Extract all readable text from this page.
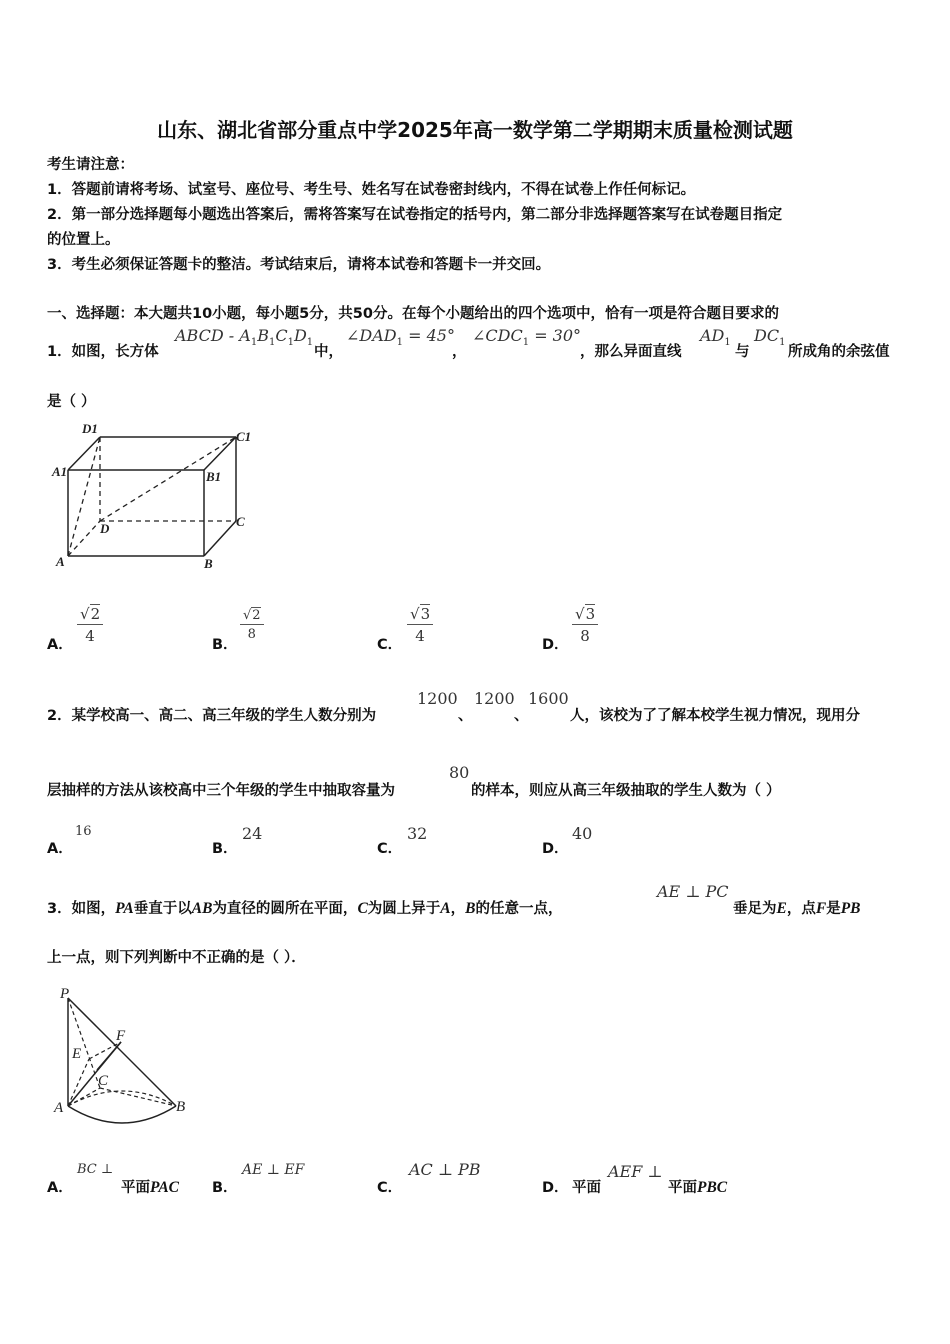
山东、湖北省部分重点中学2025年高一数学第二学期期末质量检测试题
考生请注意：
1．答题前请将考场、试室号、座位号、考生号、姓名写在试卷密封线内，不得在试卷上作任何标记。
2．第一部分选择题每小题选出答案后，需将答案写在试卷指定的括号内，第二部分非选择题答案写在试卷题目指定
的位置上。
3．考生必须保证答题卡的整洁。考试结束后，请将本试卷和答题卡一并交回。
一、选择题：本大题共10小题，每小题5分，共50分。在每个小题给出的四个选项中，恰有一项是符合题目要求的
1．如图，长方体
ABCD - $A_1B_1C_1D_1$
中，
$\angle DAD_1 = 45^\circ$
，
$\angle CDC_1 = 30^\circ$
，那么异面直线
$AD_1$
与
$DC_1$
所成角的余弦值
是（ ）
D1
C1
A1	B1
D	C
A	B
A． $\frac{√2}{4}$	B．
$\frac{√2}{8}$
C． $\frac{√3}{4}$	D． $\frac{√3}{8}$
2．某学校高一、高二、高三年级的学生人数分别为
1200
、
1200
、
1600
人，该校为了了解本校学生视力情况，现用分
层抽样的方法从该校高中三个年级的学生中抽取容量为
80
的样本，则应从高三年级抽取的学生人数为（ ）
A．
16
B．
24
C．
32
D．
40
3．如图，PA垂直于以AB为直径的圆所在平面，C为圆上异于A，B的任意一点，
AE ⊥ PC
垂足为E，点F是PB
上一点，则下列判断中不正确的是（ ）．
P
F
E
C
A	B
A．
BC ⊥
平面PAC B．
AE ⊥ EF
C．
AC ⊥ PB
D． 平面
AEF ⊥
平面PBC
